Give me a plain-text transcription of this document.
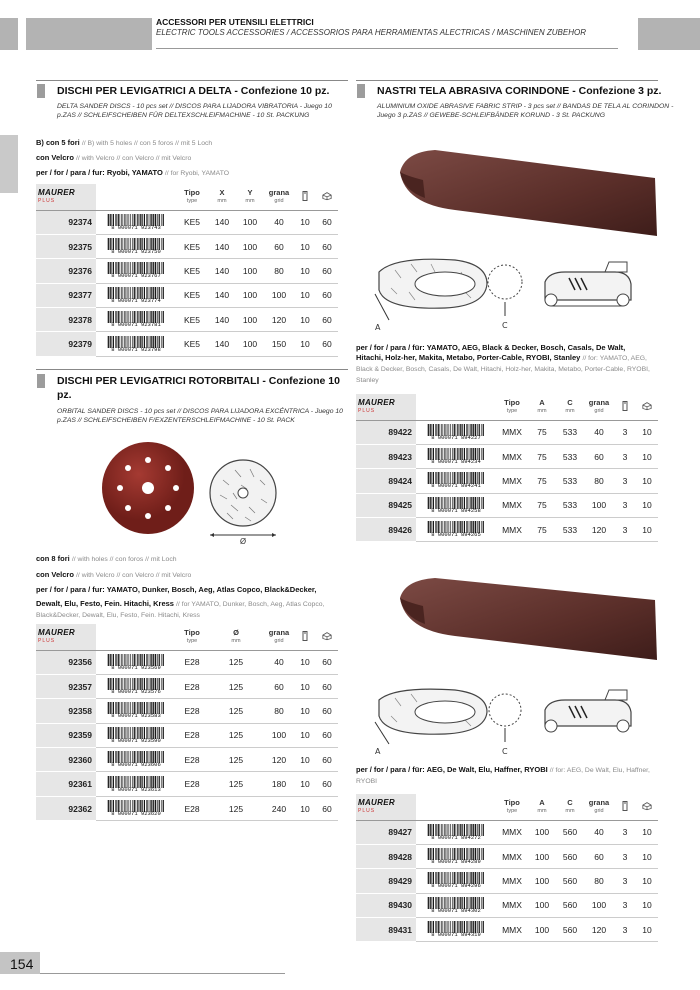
ACCESSORI PER UTENSILI ELETTRICI
ELECTRIC TOOLS ACCESSORIES / ACCESSORIOS PARA HERRAMIENTAS ALECTRICAS / MASCHINEN ZUBEHOR
DISCHI PER LEVIGATRICI A DELTA - Confezione 10 pz.
DELTA SANDER DISCS - 10 pcs set // DISCOS PARA LIJADORA VIBRATORIA - Juego 10
p.ZAS // SCHLEIFSCHEIBEN FÜR DELTEXSCHLEIFMACHINE - 10 St. PACKUNG
B) con 5 fori // B) with 5 holes // con 5 foros // mit 5 Loch
con Velcro // with Velcro // con Velcro // mit Velcro
per / for / para / fur: Ryobi, YAMATO // for Ryobi, YAMATO
MAURER
PLUS		Tipo
type	X
mm	Y
mm	grana
grid

92374	8 000071 923743	KE5	140	100	40	10	60
92375	8 000071 923750	KE5	140	100	60	10	60
92376	8 000071 923767	KE5	140	100	80	10	60
92377	8 000071 923774	KE5	140	100	100	10	60
92378	8 000071 923781	KE5	140	100	120	10	60
92379	8 000071 923798	KE5	140	100	150	10	60
DISCHI PER LEVIGATRICI ROTORBITALI - Confezione 10
pz.
ORBITAL SANDER DISCS - 10 pcs set // DISCOS PARA LIJADORA EXCÉNTRICA - Juego 10
p.ZAS // SCHLEIFSCHEIBEN F/EXZENTERSCHLEIFMACHINE - 10 St. PACK
Ø
con 8 fori // with holes // con foros // mit Loch
con Velcro // with Velcro // con Velcro // mit Velcro
per / for / para / fur: YAMATO, Dunker, Bosch, Aeg, Atlas Copco, Black&Decker,
Dewalt, Elu, Festo, Fein. Hitachi, Kress // for YAMATO, Dunker, Bosch, Aeg, Atlas Copco,
Black&Decker, Dewalt, Elu, Festo, Fein. Hitachi, Kress
MAURER
PLUS		Tipo
type	Ø
mm	grana
grid

92356	8 000071 923569	E28	125	40	10	60
92357	8 000071 923576	E28	125	60	10	60
92358	8 000071 923583	E28	125	80	10	60
92359	8 000071 923590	E28	125	100	10	60
92360	8 000071 923606	E28	125	120	10	60
92361	8 000071 923613	E28	125	180	10	60
92362	8 000071 923620	E28	125	240	10	60
NASTRI TELA ABRASIVA CORINDONE - Confezione 3 pz.
ALUMINIUM OXIDE ABRASIVE FABRIC STRIP - 3 pcs set // BANDAS DE TELA AL CORINDON -
Juego 3 p.ZAS // GEWEBE-SCHLEIFBÄNDER KORUND - 3 St. PACKUNG
A	C
per / for / para / für: YAMATO, AEG, Black & Decker, Bosch, Casals, De Walt,
Hitachi, Holz-her, Makita, Metabo, Porter-Cable, RYOBI, Stanley // for: YAMATO, AEG,
Black & Decker, Bosch, Casals, De Walt, Hitachi, Holz-her, Makita, Metabo, Porter-Cable, RYOBI,
Stanley
MAURER
PLUS		Tipo
type	A
mm	C
mm	grana
grid

89422	8 000071 894227	MMX	75	533	40	3	10
89423	8 000071 894234	MMX	75	533	60	3	10
89424	8 000071 894241	MMX	75	533	80	3	10
89425	8 000071 894258	MMX	75	533	100	3	10
89426	8 000071 894265	MMX	75	533	120	3	10
A	C
per / for / para / für: AEG, De Walt, Elu, Haffner, RYOBI // for: AEG, De Walt, Elu, Haffner,
RYOBI
MAURER
PLUS		Tipo
type	A
mm	C
mm	grana
grid

89427	8 000071 894272	MMX	100	560	40	3	10
89428	8 000071 894289	MMX	100	560	60	3	10
89429	8 000071 894296	MMX	100	560	80	3	10
89430	8 000071 894302	MMX	100	560	100	3	10
89431	8 000071 894319	MMX	100	560	120	3	10
154
